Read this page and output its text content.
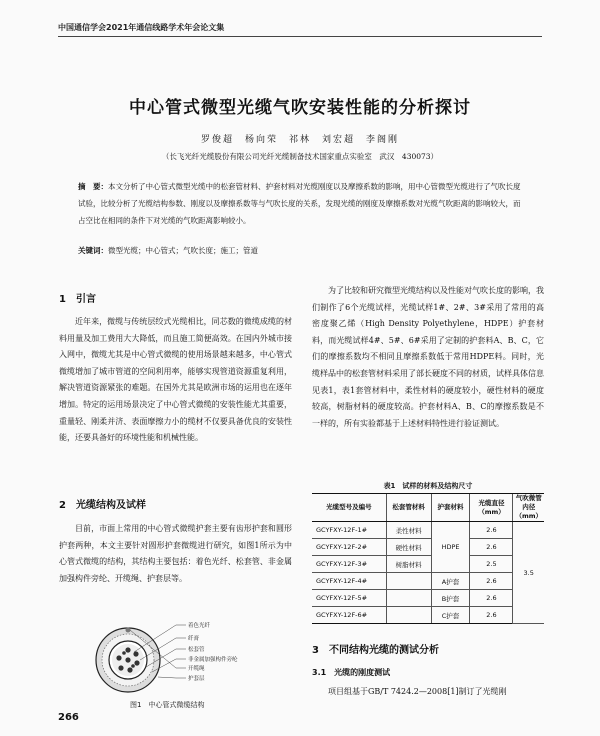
中国通信学会2021年通信线路学术年会论文集
中心管式微型光缆气吹安装性能的分析探讨
罗俊超　杨向荣　祁林　刘宏超　李阁刚
（长飞光纤光缆股份有限公司光纤光缆制备技术国家重点实验室　武汉　430073）
摘　要：本文分析了中心管式微型光缆中的松套管材料、护套材料对光缆刚度以及摩擦系数的影响，用中心管微型光缆进行了气吹长度试验，比较分析了光缆结构参数、刚度以及摩擦系数等与气吹长度的关系，发现光缆的刚度及摩擦系数对光缆气吹距离的影响较大，而占空比在相同的条件下对光缆的气吹距离影响较小。
关键词：微型光缆；中心管式；气吹长度；施工；管道
1　引言

近年来，微缆与传统层绞式光缆相比，同芯数的微缆成缆的材料用量及加工费用大大降低，而且施工简便高效。在国内外城市接入网中，微缆尤其是中心管式微缆的使用场景越来越多，中心管式微缆增加了城市管道的空间利用率，能够实现管道资源重复利用，解决管道资源紧张的难题。在国外尤其是欧洲市场的运用也在逐年增加。特定的运用场景决定了中心管式微缆的安装性能尤其重要，重量轻、刚柔并济、表面摩擦力小的缆材不仅要具备优良的安装性能，还要具备好的环境性能和机械性能。

2　光缆结构及试样

目前，市面上常用的中心管式微缆护套主要有齿形护套和圆形护套两种，本文主要针对圆形护套微缆进行研究，如图1所示为中心管式微缆的结构，其结构主要包括：着色光纤、松套管、非金属加强构件旁纶、开缆绳、护套层等。

着色光纤
纤膏
松套管
非金属加强构件旁纶
开缆绳
护套层
图1　中心管式微缆结构

为了比较和研究微型光缆结构以及性能对气吹长度的影响，我们制作了6个光缆试样，光缆试样1#、2#、3#采用了常用的高密度聚乙烯（High Density Polyethylene，HDPE）护套材料，而光缆试样4#、5#、6#采用了定制的护套料A、B、C，它们的摩擦系数均不相同且摩擦系数低于常用HDPE料。同时，光缆样品中的松套管材料采用了部长硬度不同的材质，试样具体信息见表1，表1套管材料中，柔性材料的硬度较小，硬性材料的硬度较高，树脂材料的硬度较高。护套材料A、B、C的摩擦系数是不一样的，所有实验都基于上述材料特性进行验证测试。

表1　试样的材料及结构尺寸
光缆型号及编号	松套管材料	护套材料	光缆直径（mm）	气吹微管内径（mm）
GCYFXY-12F-1#	柔性材料	HDPE	2.6	3.5
GCYFXY-12F-2#	硬性材料		2.6	
GCYFXY-12F-3#	树脂材料		2.5	
GCYFXY-12F-4#		A护套	2.6	
GCYFXY-12F-5#		B护套	2.6	
GCYFXY-12F-6#		C护套	2.6	
3　不同结构光缆的测试分析
3.1　光缆的刚度测试

项目组基于GB/T 7424.2—2008[1]制订了光缆刚

266
